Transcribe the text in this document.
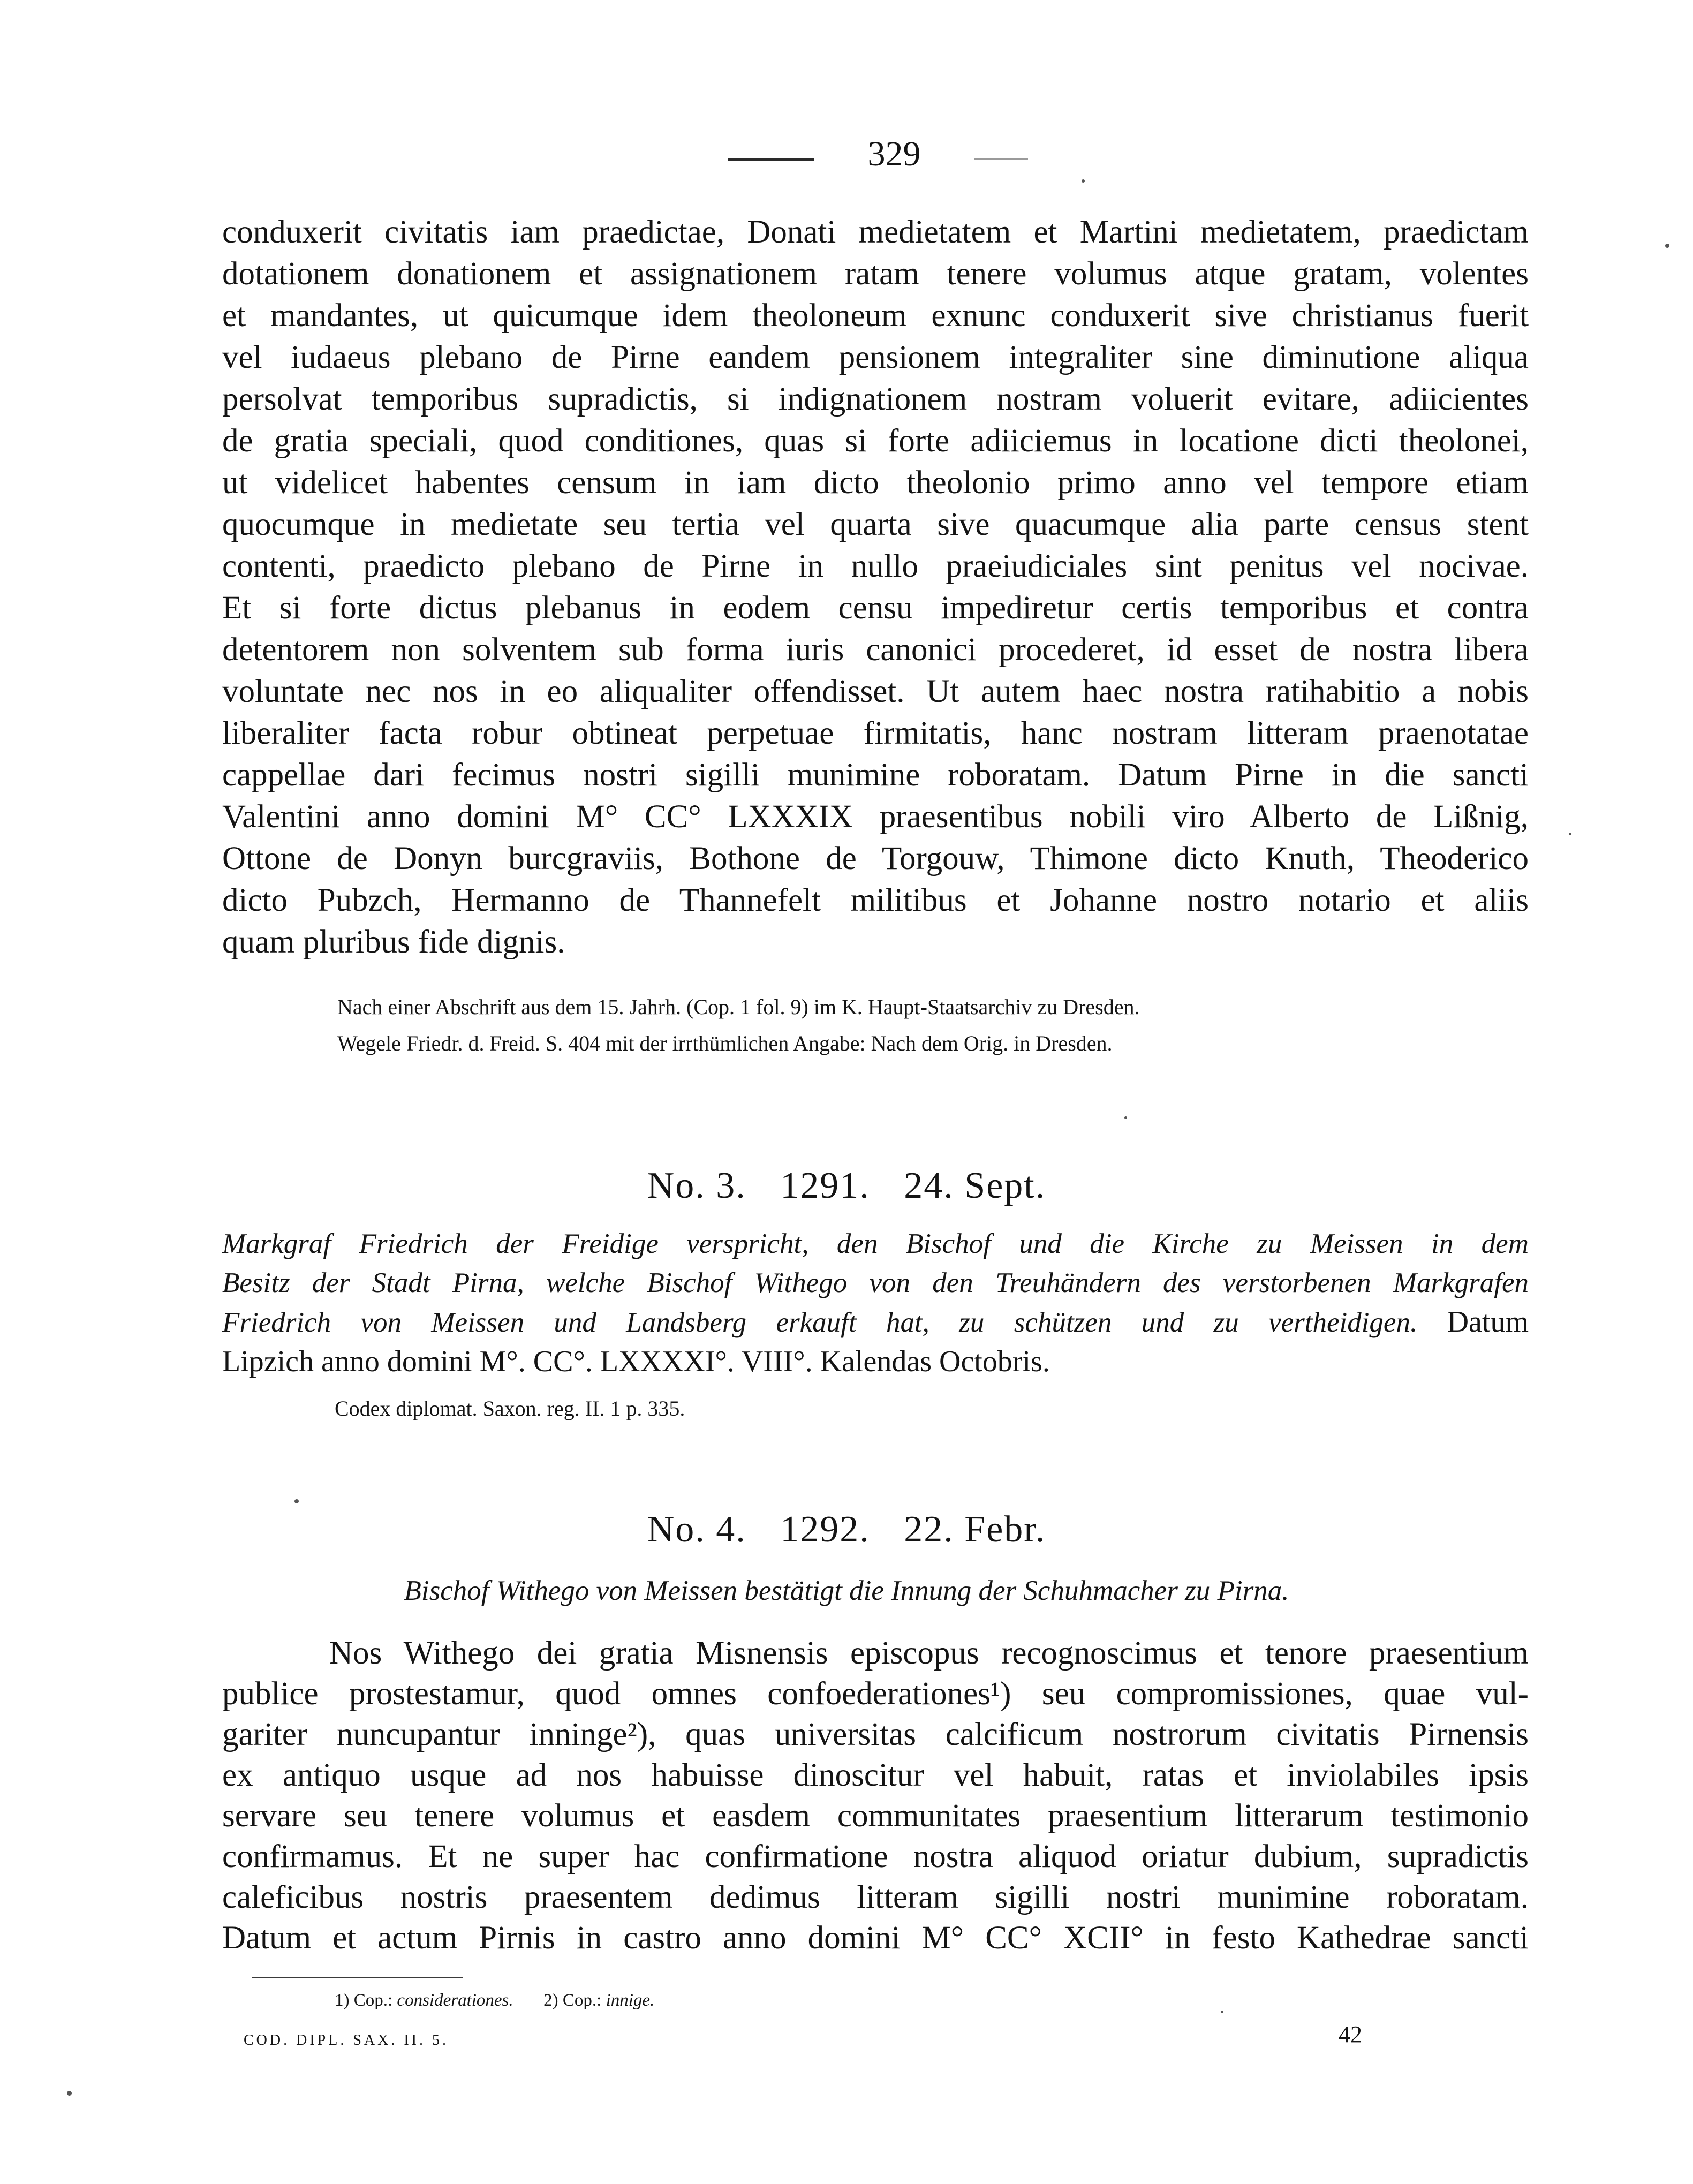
329
conduxerit civitatis iam praedictae, Donati medietatem et Martini medietatem, praedictam
dotationem donationem et assignationem ratam tenere volumus atque gratam, volentes
et mandantes, ut quicumque idem theoloneum exnunc conduxerit sive christianus fuerit
vel iudaeus plebano de Pirne eandem pensionem integraliter sine diminutione aliqua
persolvat temporibus supradictis, si indignationem nostram voluerit evitare, adiicientes
de gratia speciali, quod conditiones, quas si forte adiiciemus in locatione dicti theolonei,
ut videlicet habentes censum in iam dicto theolonio primo anno vel tempore etiam
quocumque in medietate seu tertia vel quarta sive quacumque alia parte census stent
contenti, praedicto plebano de Pirne in nullo praeiudiciales sint penitus vel nocivae.
Et si forte dictus plebanus in eodem censu impediretur certis temporibus et contra
detentorem non solventem sub forma iuris canonici procederet, id esset de nostra libera
voluntate nec nos in eo aliqualiter offendisset. Ut autem haec nostra ratihabitio a nobis
liberaliter facta robur obtineat perpetuae firmitatis, hanc nostram litteram praenotatae
cappellae dari fecimus nostri sigilli munimine roboratam. Datum Pirne in die sancti
Valentini anno domini M° CC° LXXXIX praesentibus nobili viro Alberto de Lißnig,
Ottone de Donyn burcgraviis, Bothone de Torgouw, Thimone dicto Knuth, Theoderico
dicto Pubzch, Hermanno de Thannefelt militibus et Johanne nostro notario et aliis
quam pluribus fide dignis.
Nach einer Abschrift aus dem 15. Jahrh. (Cop. 1 fol. 9) im K. Haupt-Staatsarchiv zu Dresden.
Wegele Friedr. d. Freid. S. 404 mit der irrthümlichen Angabe: Nach dem Orig. in Dresden.
No. 3. 1291. 24. Sept.
Markgraf Friedrich der Freidige verspricht, den Bischof und die Kirche zu Meissen in dem
Besitz der Stadt Pirna, welche Bischof Withego von den Treuhändern des verstorbenen Markgrafen
Friedrich von Meissen und Landsberg erkauft hat, zu schützen und zu vertheidigen. Datum
Lipzich anno domini M°. CC°. LXXXXI°. VIII°. Kalendas Octobris.
Codex diplomat. Saxon. reg. II. 1 p. 335.
No. 4. 1292. 22. Febr.

Bischof Withego von Meissen bestätigt die Innung der Schuhmacher zu Pirna.

Nos Withego dei gratia Misnensis episcopus recognoscimus et tenore praesentium
publice prostestamur, quod omnes confoederationes¹) seu compromissiones, quae vul-
gariter nuncupantur inninge²), quas universitas calcificum nostrorum civitatis Pirnensis
ex antiquo usque ad nos habuisse dinoscitur vel habuit, ratas et inviolabiles ipsis
servare seu tenere volumus et easdem communitates praesentium litterarum testimonio
confirmamus. Et ne super hac confirmatione nostra aliquod oriatur dubium, supradictis
caleficibus nostris praesentem dedimus litteram sigilli nostri munimine roboratam.
Datum et actum Pirnis in castro anno domini M° CC° XCII° in festo Kathedrae sancti
1) Cop.: considerationes. 2) Cop.: innige.
COD. DIPL. SAX. II. 5.	42
